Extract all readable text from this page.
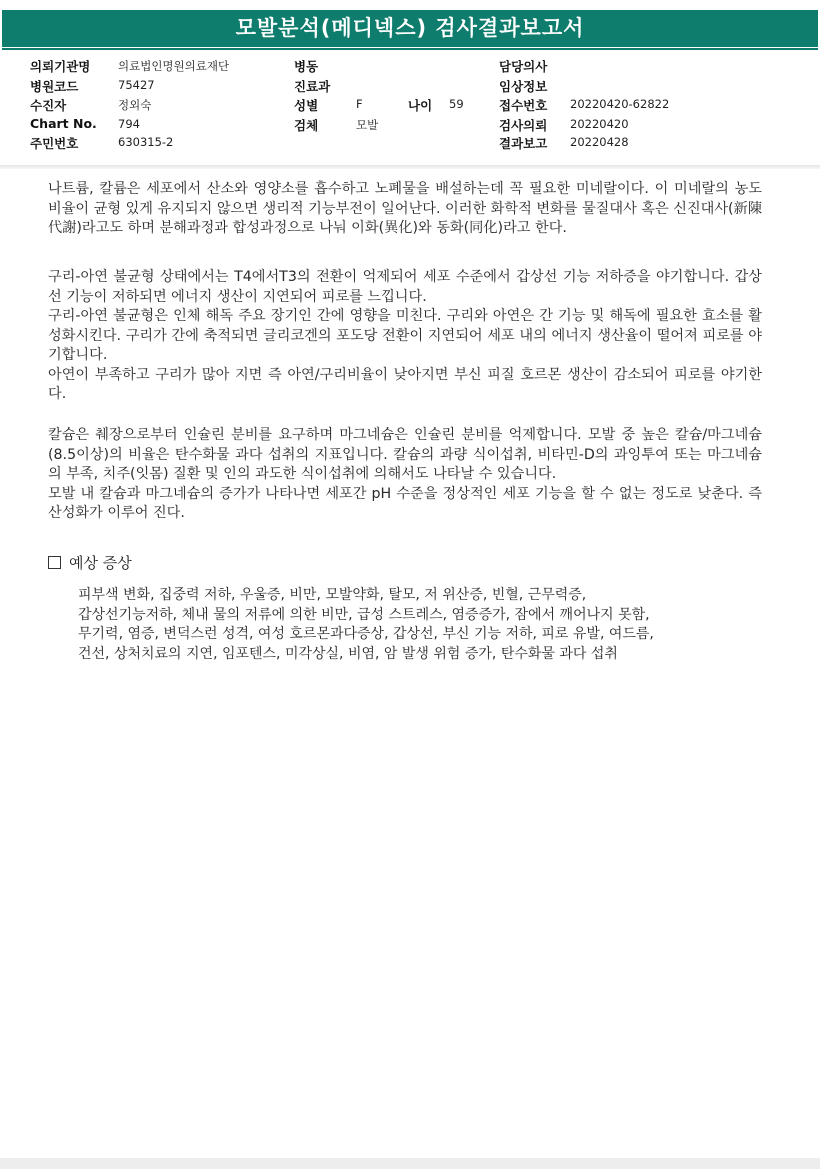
모발분석(메디넥스) 검사결과보고서
의뢰기관명 의료법인명원의료재단
병원코드	75427
수진자	정외숙
Chart No. 794
주민번호	630315-2
병동
진료과
성별	F	나이 59
검체	모발
담당의사
임상정보
접수번호 20220420-62822
검사의뢰 20220420
결과보고 20220428

나트륨, 칼륨은 세포에서 산소와 영양소를 흡수하고 노폐물을 배설하는데 꼭 필요한 미네랄이다. 이 미네랄의 농도 비율이 균형 있게 유지되지 않으면 생리적 기능부전이 일어난다. 이러한 화학적 변화를 물질대사 혹은 신진대사(新陳代謝)라고도 하며 분해과정과 합성과정으로 나눠 이화(異化)와 동화(同化)라고 한다.

구리-아연 불균형 상태에서는 T4에서T3의 전환이 억제되어 세포 수준에서 갑상선 기능 저하증을 야기합니다. 갑상선 기능이 저하되면 에너지 생산이 지연되어 피로를 느낍니다.

구리-아연 불균형은 인체 해독 주요 장기인 간에 영향을 미친다. 구리와 아연은 간 기능 및 해독에 필요한 효소를 활성화시킨다. 구리가 간에 축적되면 글리코겐의 포도당 전환이 지연되어 세포 내의 에너지 생산율이 떨어져 피로를 야기합니다.

아연이 부족하고 구리가 많아 지면 즉 아연/구리비율이 낮아지면 부신 피질 호르몬 생산이 감소되어 피로를 야기한다.

칼슘은 췌장으로부터 인슐린 분비를 요구하며 마그네슘은 인슐린 분비를 억제합니다. 모발 중 높은 칼슘/마그네슘(8.5이상)의 비율은 탄수화물 과다 섭취의 지표입니다. 칼슘의 과량 식이섭취, 비타민-D의 과잉투여 또는 마그네슘의 부족, 치주(잇몸) 질환 및 인의 과도한 식이섭취에 의해서도 나타날 수 있습니다.

모발 내 칼슘과 마그네슘의 증가가 나타나면 세포간 pH 수준을 정상적인 세포 기능을 할 수 없는 정도로 낮춘다. 즉 산성화가 이루어 진다.

예상 증상

피부색 변화, 집중력 저하, 우울증, 비만, 모발약화, 탈모, 저 위산증, 빈혈, 근무력증,

갑상선기능저하, 체내 물의 저류에 의한 비만, 급성 스트레스, 염증증가, 잠에서 깨어나지 못함,

무기력, 염증, 변덕스런 성격, 여성 호르몬과다증상, 갑상선, 부신 기능 저하, 피로 유발, 여드름,

건선, 상처치료의 지연, 임포텐스, 미각상실, 비염, 암 발생 위험 증가, 탄수화물 과다 섭취
